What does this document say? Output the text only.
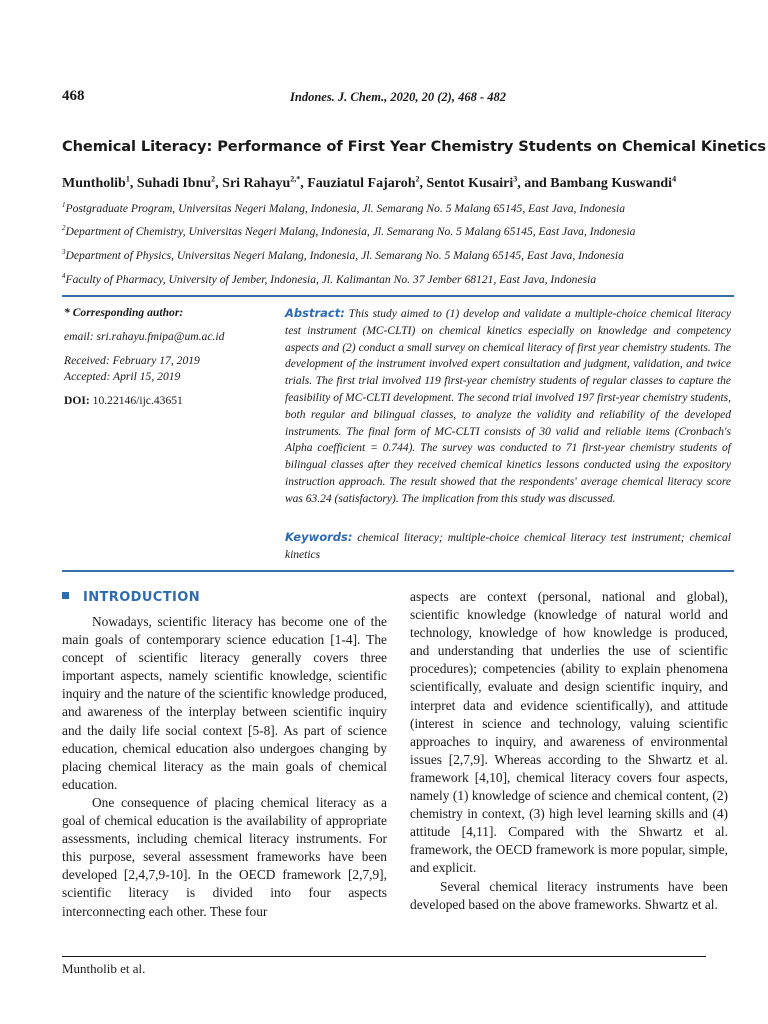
468	Indones. J. Chem., 2020, 20 (2), 468 - 482
Chemical Literacy: Performance of First Year Chemistry Students on Chemical Kinetics
Muntholib$^1$, Suhadi Ibnu$^2$, Sri Rahayu$^{2,*}$, Fauziatul Fajaroh$^2$, Sentot Kusairi$^3$, and Bambang Kuswandi$^4$
$^1$Postgraduate Program, Universitas Negeri Malang, Indonesia, Jl. Semarang No. 5 Malang 65145, East Java, Indonesia
$^2$Department of Chemistry, Universitas Negeri Malang, Indonesia, Jl. Semarang No. 5 Malang 65145, East Java, Indonesia
$^3$Department of Physics, Universitas Negeri Malang, Indonesia, Jl. Semarang No. 5 Malang 65145, East Java, Indonesia
$^4$Faculty of Pharmacy, University of Jember, Indonesia, Jl. Kalimantan No. 37 Jember 68121, East Java, Indonesia
* Corresponding author:
email: sri.rahayu.fmipa@um.ac.id
Received: February 17, 2019
Accepted: April 15, 2019
DOI: 10.22146/ijc.43651
Abstract: This study aimed to (1) develop and validate a multiple-choice chemical literacy test instrument (MC-CLTI) on chemical kinetics especially on knowledge and competency aspects and (2) conduct a small survey on chemical literacy of first year chemistry students. The development of the instrument involved expert consultation and judgment, validation, and twice trials. The first trial involved 119 first-year chemistry students of regular classes to capture the feasibility of MC-CLTI development. The second trial involved 197 first-year chemistry students, both regular and bilingual classes, to analyze the validity and reliability of the developed instruments. The final form of MC-CLTI consists of 30 valid and reliable items (Cronbach's Alpha coefficient = 0.744). The survey was conducted to 71 first-year chemistry students of bilingual classes after they received chemical kinetics lessons conducted using the expository instruction approach. The result showed that the respondents' average chemical literacy score was 63.24 (satisfactory). The implication from this study was discussed.
Keywords: chemical literacy; multiple-choice chemical literacy test instrument; chemical kinetics
INTRODUCTION

Nowadays, scientific literacy has become one of the main goals of contemporary science education [1-4]. The concept of scientific literacy generally covers three important aspects, namely scientific knowledge, scientific inquiry and the nature of the scientific knowledge produced, and awareness of the interplay between scientific inquiry and the daily life social context [5-8]. As part of science education, chemical education also undergoes changing by placing chemical literacy as the main goals of chemical education.

One consequence of placing chemical literacy as a goal of chemical education is the availability of appropriate assessments, including chemical literacy instruments. For this purpose, several assessment frameworks have been developed [2,4,7,9-10]. In the OECD framework [2,7,9], scientific literacy is divided into four aspects interconnecting each other. These four

aspects are context (personal, national and global), scientific knowledge (knowledge of natural world and technology, knowledge of how knowledge is produced, and understanding that underlies the use of scientific procedures); competencies (ability to explain phenomena scientifically, evaluate and design scientific inquiry, and interpret data and evidence scientifically), and attitude (interest in science and technology, valuing scientific approaches to inquiry, and awareness of environmental issues [2,7,9]. Whereas according to the Shwartz et al. framework [4,10], chemical literacy covers four aspects, namely (1) knowledge of science and chemical content, (2) chemistry in context, (3) high level learning skills and (4) attitude [4,11]. Compared with the Shwartz et al. framework, the OECD framework is more popular, simple, and explicit.

Several chemical literacy instruments have been developed based on the above frameworks. Shwartz et al.

Muntholib et al.
